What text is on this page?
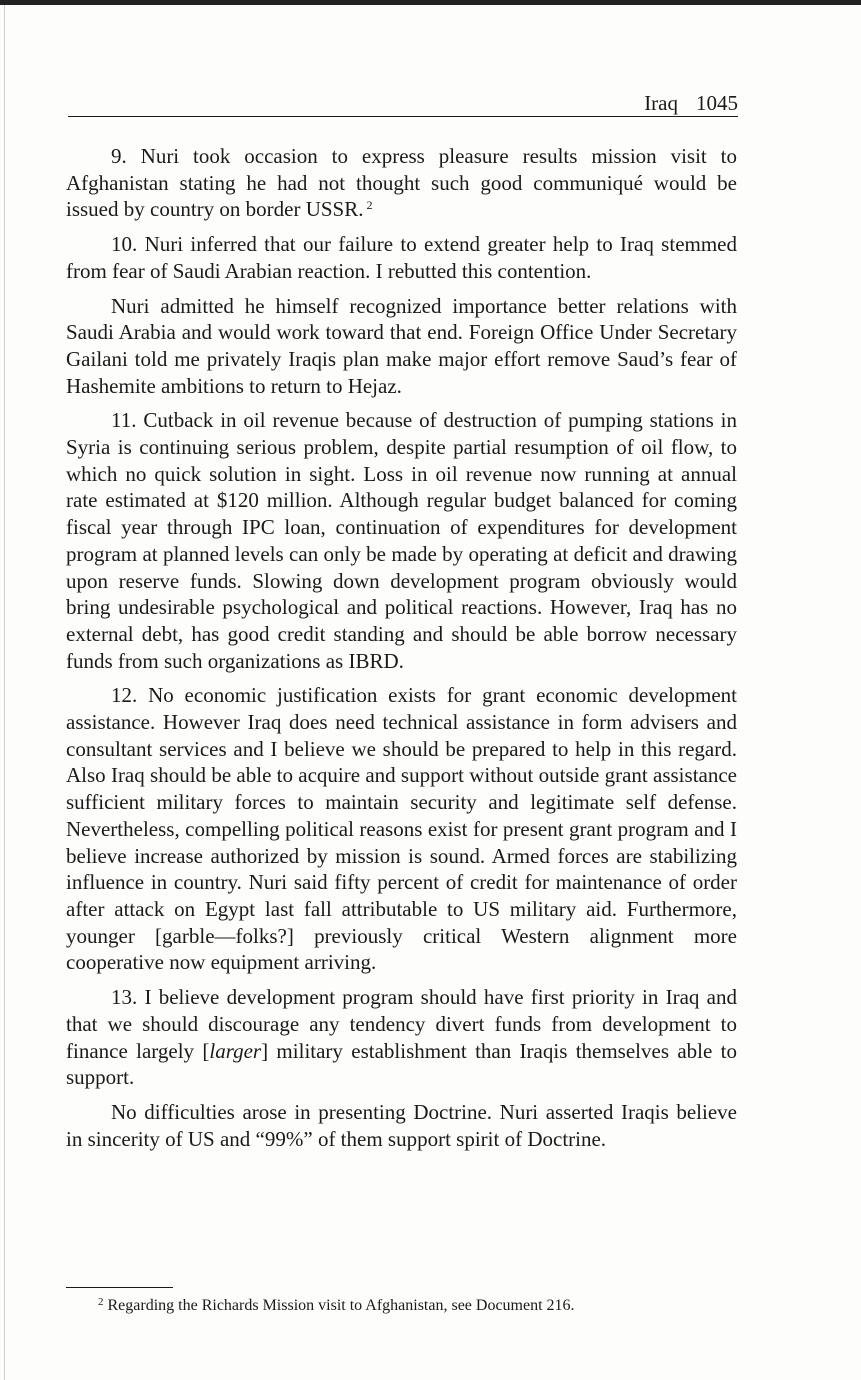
Iraq 1045

9. Nuri took occasion to express pleasure results mission visit to Afghanistan stating he had not thought such good communiqué would be issued by country on border USSR. $^2$

10. Nuri inferred that our failure to extend greater help to Iraq stemmed from fear of Saudi Arabian reaction. I rebutted this contention.

Nuri admitted he himself recognized importance better relations with Saudi Arabia and would work toward that end. Foreign Office Under Secretary Gailani told me privately Iraqis plan make major effort remove Saud’s fear of Hashemite ambitions to return to Hejaz.

11. Cutback in oil revenue because of destruction of pumping stations in Syria is continuing serious problem, despite partial resumption of oil flow, to which no quick solution in sight. Loss in oil revenue now running at annual rate estimated at $120 million. Although regular budget balanced for coming fiscal year through IPC loan, continuation of expenditures for development program at planned levels can only be made by operating at deficit and drawing upon reserve funds. Slowing down development program obviously would bring undesirable psychological and political reactions. However, Iraq has no external debt, has good credit standing and should be able borrow necessary funds from such organizations as IBRD.

12. No economic justification exists for grant economic development assistance. However Iraq does need technical assistance in form advisers and consultant services and I believe we should be prepared to help in this regard. Also Iraq should be able to acquire and support without outside grant assistance sufficient military forces to maintain security and legitimate self defense. Nevertheless, compelling political reasons exist for present grant program and I believe increase authorized by mission is sound. Armed forces are stabilizing influence in country. Nuri said fifty percent of credit for maintenance of order after attack on Egypt last fall attributable to US military aid. Furthermore, younger [garble—folks?] previously critical Western alignment more cooperative now equipment arriving.

13. I believe development program should have first priority in Iraq and that we should discourage any tendency divert funds from development to finance largely [larger] military establishment than Iraqis themselves able to support.

No difficulties arose in presenting Doctrine. Nuri asserted Iraqis believe in sincerity of US and “99%” of them support spirit of Doctrine.

$^2$ Regarding the Richards Mission visit to Afghanistan, see Document 216.
